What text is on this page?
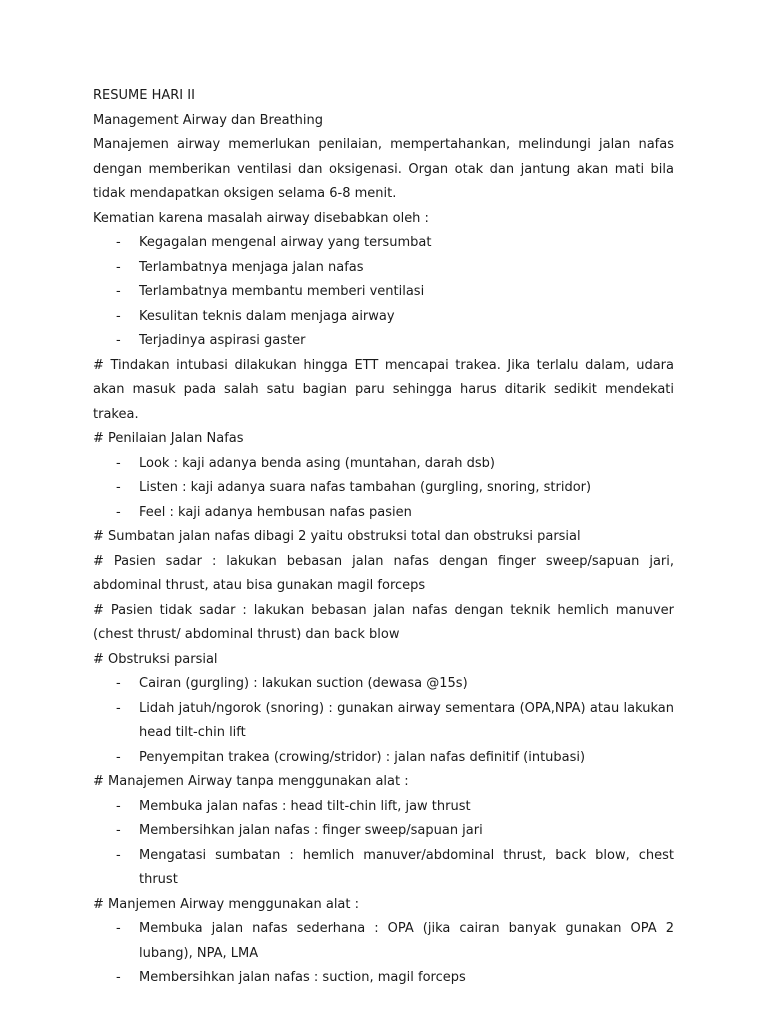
RESUME HARI II

Management Airway dan Breathing

Manajemen airway memerlukan penilaian, mempertahankan, melindungi jalan nafas dengan memberikan ventilasi dan oksigenasi. Organ otak dan jantung akan mati bila tidak mendapatkan oksigen selama 6-8 menit.

Kematian karena masalah airway disebabkan oleh :

- Kegagalan mengenal airway yang tersumbat
- Terlambatnya menjaga jalan nafas
- Terlambatnya membantu memberi ventilasi
- Kesulitan teknis dalam menjaga airway
- Terjadinya aspirasi gaster

# Tindakan intubasi dilakukan hingga ETT mencapai trakea. Jika terlalu dalam, udara akan masuk pada salah satu bagian paru sehingga harus ditarik sedikit mendekati trakea.

# Penilaian Jalan Nafas

- Look : kaji adanya benda asing (muntahan, darah dsb)
- Listen : kaji adanya suara nafas tambahan (gurgling, snoring, stridor)
- Feel : kaji adanya hembusan nafas pasien

# Sumbatan jalan nafas dibagi 2 yaitu obstruksi total dan obstruksi parsial

# Pasien sadar : lakukan bebasan jalan nafas dengan finger sweep/sapuan jari, abdominal thrust, atau bisa gunakan magil forceps

# Pasien tidak sadar : lakukan bebasan jalan nafas dengan teknik hemlich manuver (chest thrust/ abdominal thrust) dan back blow

# Obstruksi parsial

- Cairan (gurgling) : lakukan suction (dewasa @15s)
- Lidah jatuh/ngorok (snoring) : gunakan airway sementara (OPA,NPA) atau lakukan head tilt-chin lift
- Penyempitan trakea (crowing/stridor) : jalan nafas definitif (intubasi)

# Manajemen Airway tanpa menggunakan alat :

- Membuka jalan nafas : head tilt-chin lift, jaw thrust
- Membersihkan jalan nafas : finger sweep/sapuan jari
- Mengatasi sumbatan : hemlich manuver/abdominal thrust, back blow, chest thrust

# Manjemen Airway menggunakan alat :

- Membuka jalan nafas sederhana : OPA (jika cairan banyak gunakan OPA 2 lubang), NPA, LMA
- Membersihkan jalan nafas : suction, magil forceps
